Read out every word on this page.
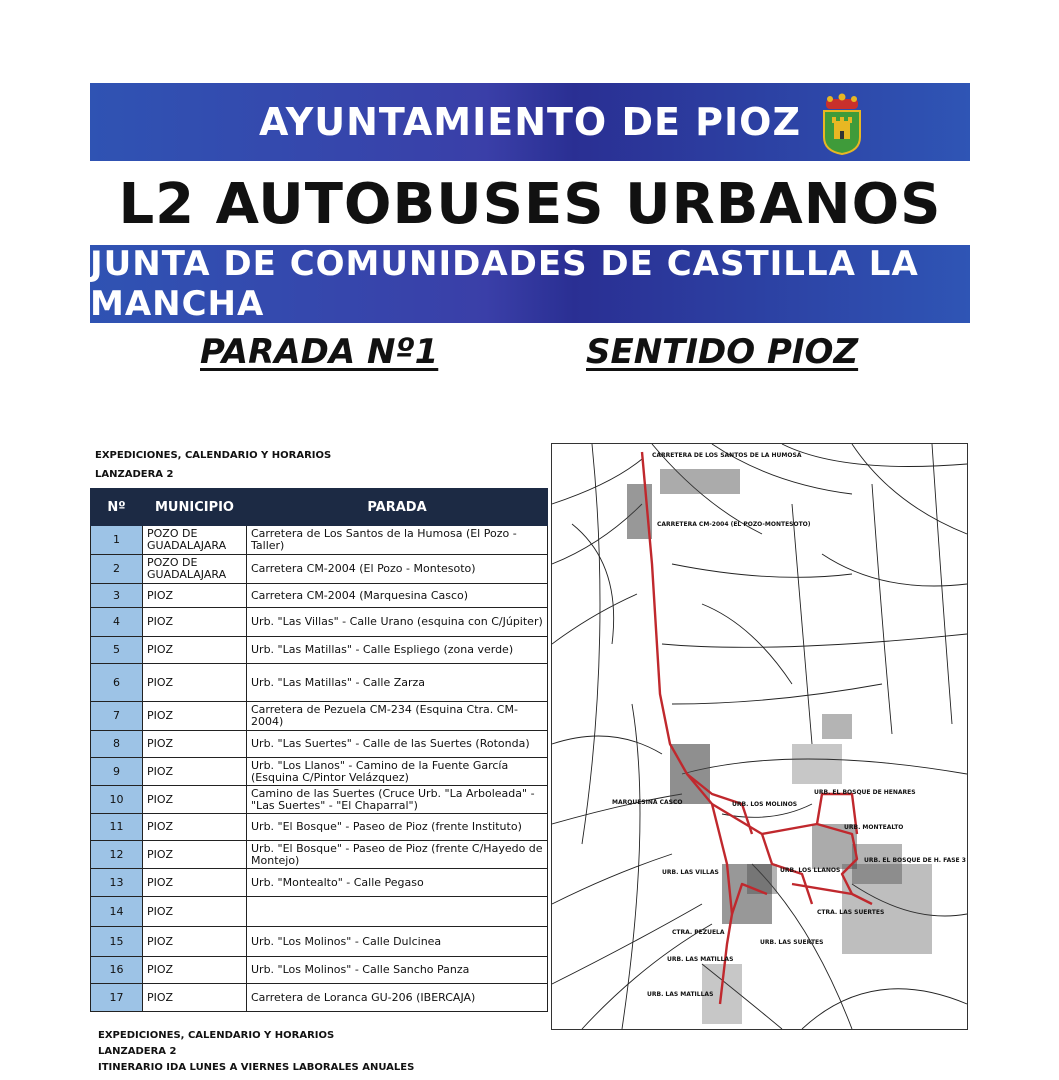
AYUNTAMIENTO DE PIOZ
L2 AUTOBUSES URBANOS
JUNTA DE COMUNIDADES DE CASTILLA LA MANCHA
PARADA Nº1	SENTIDO PIOZ
EXPEDICIONES, CALENDARIO Y HORARIOS
LANZADERA 2
Nº	MUNICIPIO	PARADA
1	POZO DE GUADALAJARA	Carretera de Los Santos de la Humosa (El Pozo - Taller)
2	POZO DE GUADALAJARA	Carretera CM-2004 (El Pozo - Montesoto)
3	PIOZ	Carretera CM-2004 (Marquesina Casco)
4	PIOZ	Urb. "Las Villas" - Calle Urano (esquina con C/Júpiter)
5	PIOZ	Urb. "Las Matillas" - Calle Espliego (zona verde)
6	PIOZ	Urb. "Las Matillas" - Calle Zarza
7	PIOZ	Carretera de Pezuela CM-234 (Esquina Ctra. CM-2004)
8	PIOZ	Urb. "Las Suertes" - Calle de las Suertes (Rotonda)
9	PIOZ	Urb. "Los Llanos" - Camino de la Fuente García (Esquina C/Pintor Velázquez)
10	PIOZ	Camino de las Suertes (Cruce Urb. "La Arboleada" - "Las Suertes" - "El Chaparral")
11	PIOZ	Urb. "El Bosque" - Paseo de Pioz (frente Instituto)
12	PIOZ	Urb. "El Bosque" - Paseo de Pioz (frente C/Hayedo de Montejo)
13	PIOZ	Urb. "Montealto" - Calle Pegaso
14	PIOZ	
15	PIOZ	Urb. "Los Molinos" - Calle Dulcinea
16	PIOZ	Urb. "Los Molinos" - Calle Sancho Panza
17	PIOZ	Carretera de Loranca GU-206 (IBERCAJA)
CARRETERA DE LOS SANTOS DE LA HUMOSA
CARRETERA CM-2004 (EL POZO-MONTESOTO)
MARQUESINA CASCO	URB. LOS MOLINOS
URB. EL BOSQUE DE HENARES
URB. MONTEALTO
URB. EL BOSQUE DE H. FASE 3
URB. LAS VILLAS	URB. LOS LLANOS
CTRA. LAS SUERTES
CTRA. PEZUELA
URB. LAS SUERTES
URB. LAS MATILLAS
URB. LAS MATILLAS
EXPEDICIONES, CALENDARIO Y HORARIOS
LANZADERA 2
ITINERARIO IDA LUNES A VIERNES LABORALES ANUALES
